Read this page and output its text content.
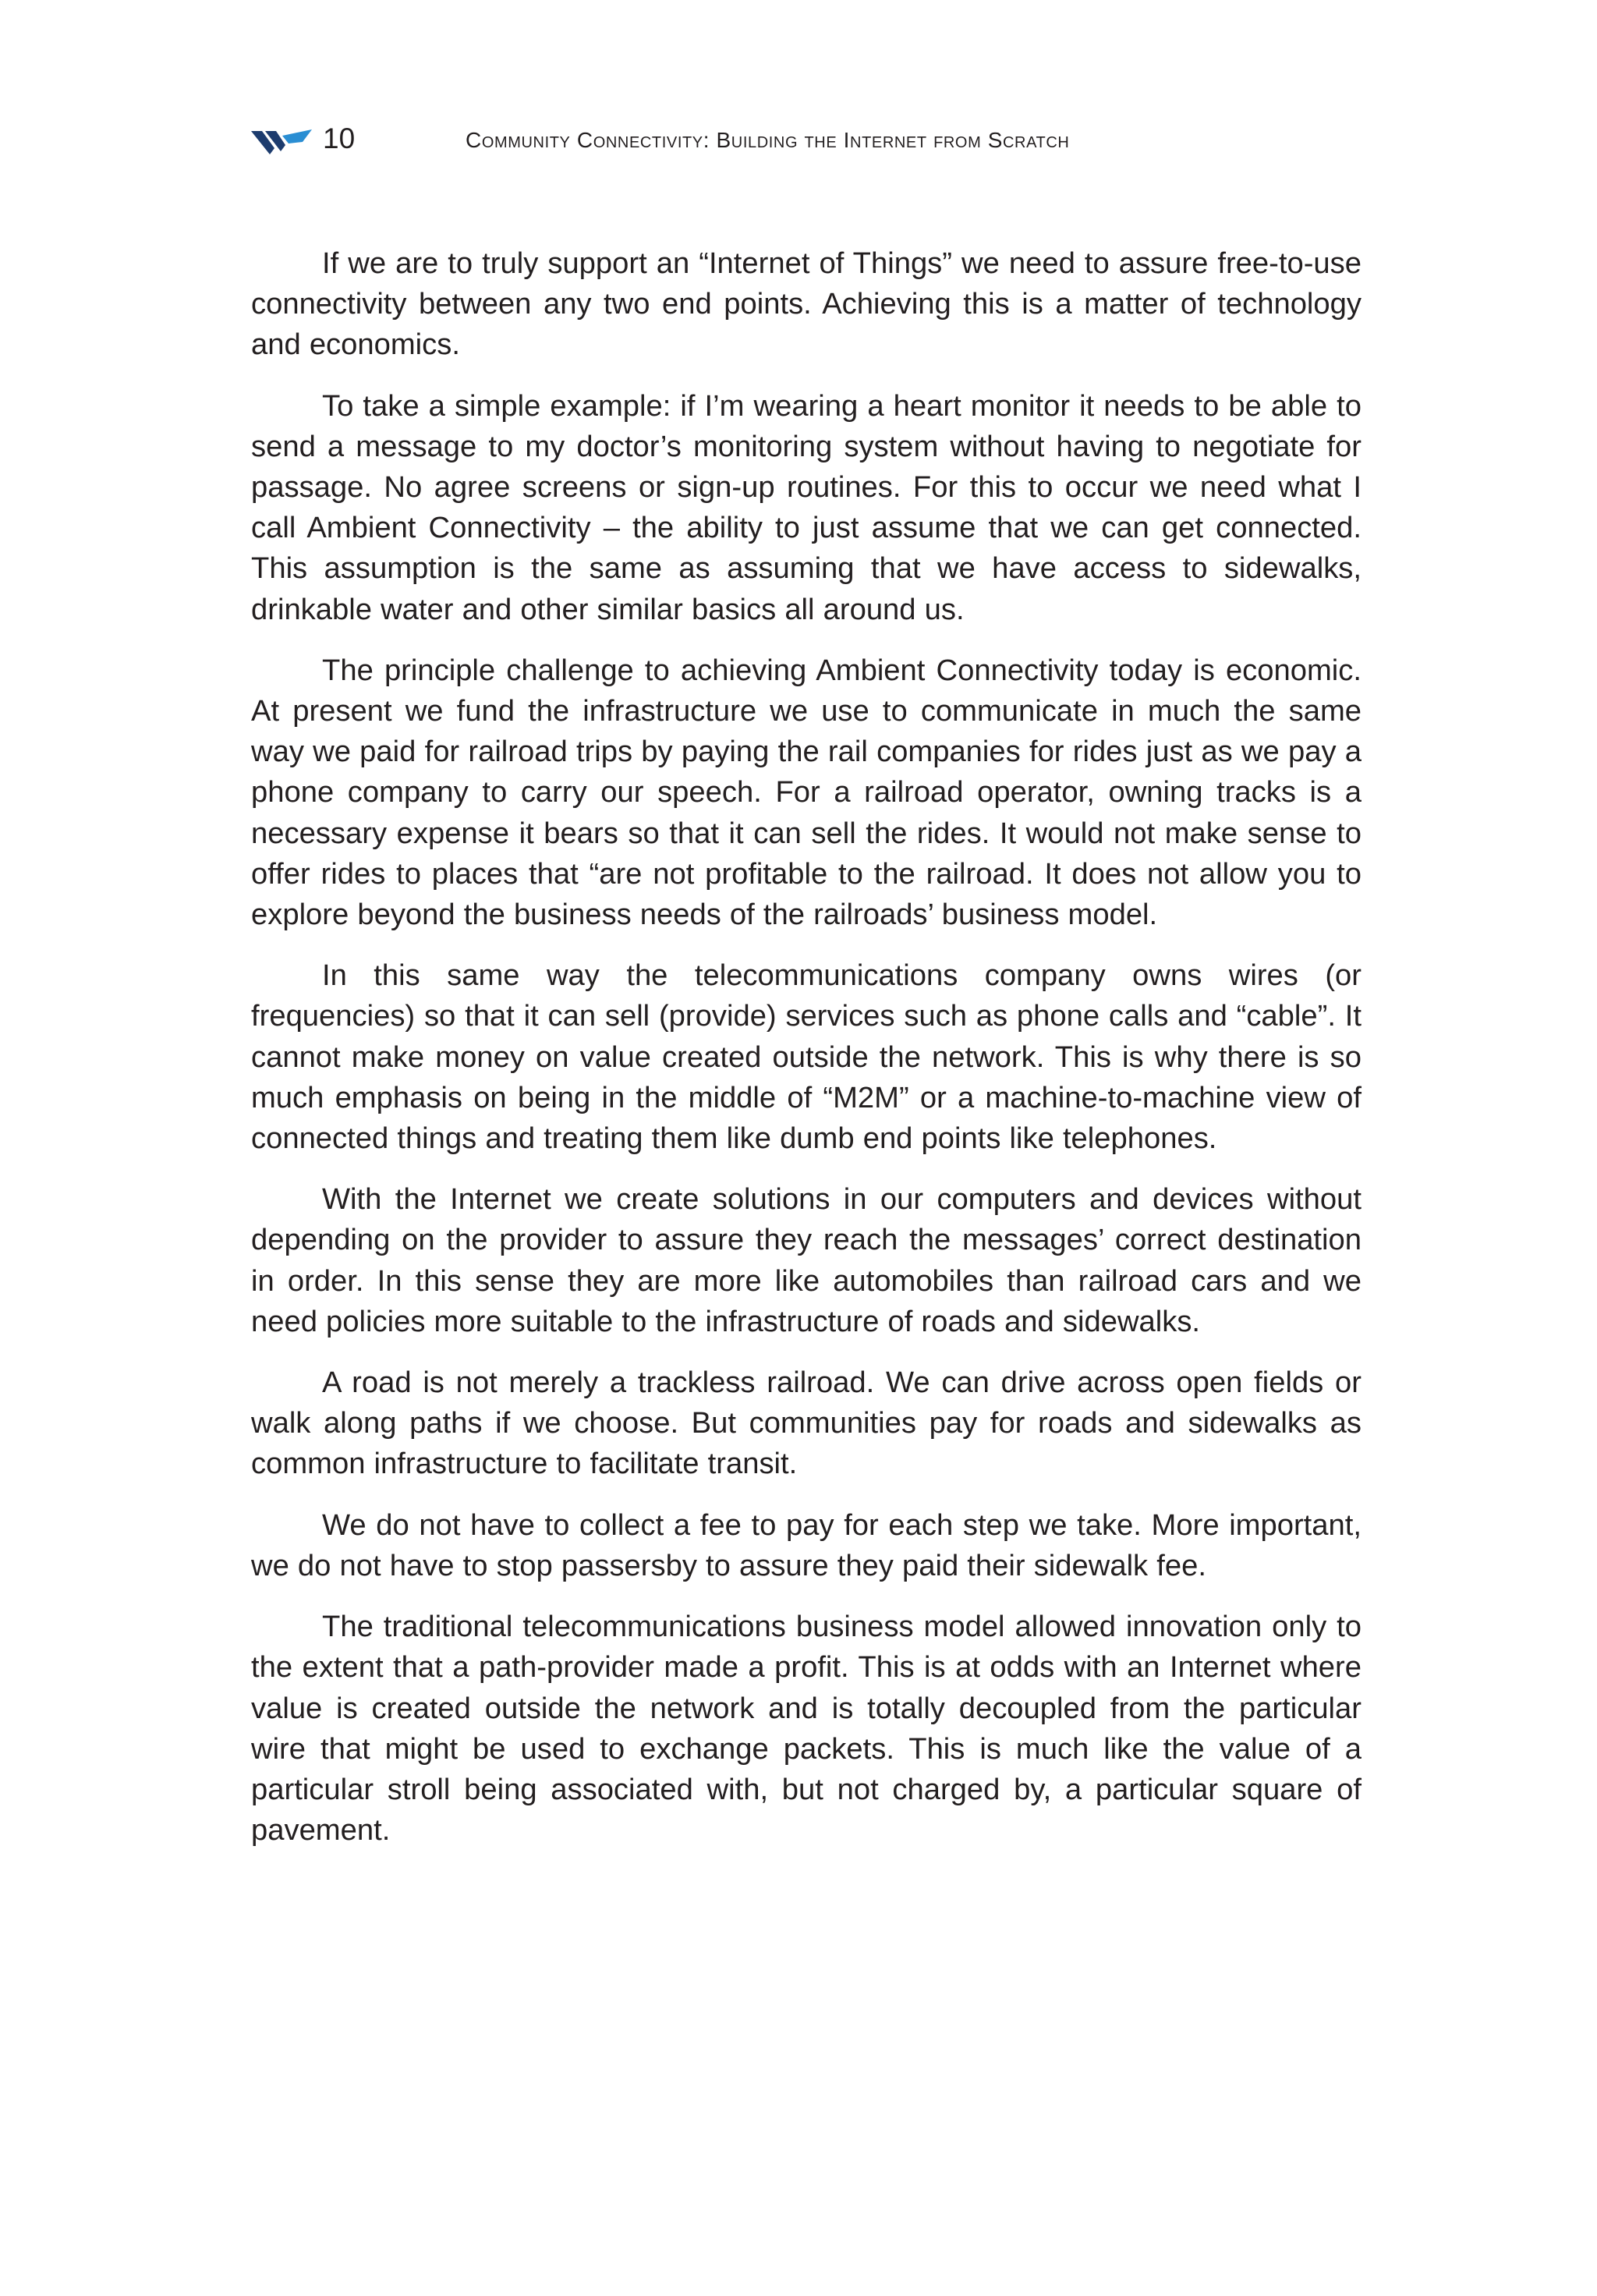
10	Community Connectivity: Building the Internet from Scratch

If we are to truly support an “Internet of Things” we need to assure free-to-use connectivity between any two end points. Achieving this is a matter of technology and economics.

To take a simple example: if I’m wearing a heart monitor it needs to be able to send a message to my doctor’s monitoring system without having to negotiate for passage. No agree screens or sign-up routines. For this to occur we need what I call Ambient Connectivity – the ability to just assume that we can get connected. This assumption is the same as assuming that we have access to sidewalks, drinkable water and other similar basics all around us.

The principle challenge to achieving Ambient Connectivity today is economic. At present we fund the infrastructure we use to communicate in much the same way we paid for railroad trips by paying the rail companies for rides just as we pay a phone company to carry our speech. For a railroad operator, owning tracks is a necessary expense it bears so that it can sell the rides. It would not make sense to offer rides to places that “are not profitable to the railroad. It does not allow you to explore beyond the business needs of the railroads’ business model.

In this same way the telecommunications company owns wires (or frequencies) so that it can sell (provide) services such as phone calls and “cable”. It cannot make money on value created outside the network. This is why there is so much emphasis on being in the middle of “M2M” or a machine-to-machine view of connected things and treating them like dumb end points like telephones.

With the Internet we create solutions in our computers and devices without depending on the provider to assure they reach the messages’ correct destination in order. In this sense they are more like automobiles than railroad cars and we need policies more suitable to the infrastructure of roads and sidewalks.

A road is not merely a trackless railroad. We can drive across open fields or walk along paths if we choose. But communities pay for roads and sidewalks as common infrastructure to facilitate transit.

We do not have to collect a fee to pay for each step we take. More important, we do not have to stop passersby to assure they paid their sidewalk fee.

The traditional telecommunications business model allowed innovation only to the extent that a path-provider made a profit. This is at odds with an Internet where value is created outside the network and is totally decoupled from the particular wire that might be used to exchange packets. This is much like the value of a particular stroll being associated with, but not charged by, a particular square of pavement.
